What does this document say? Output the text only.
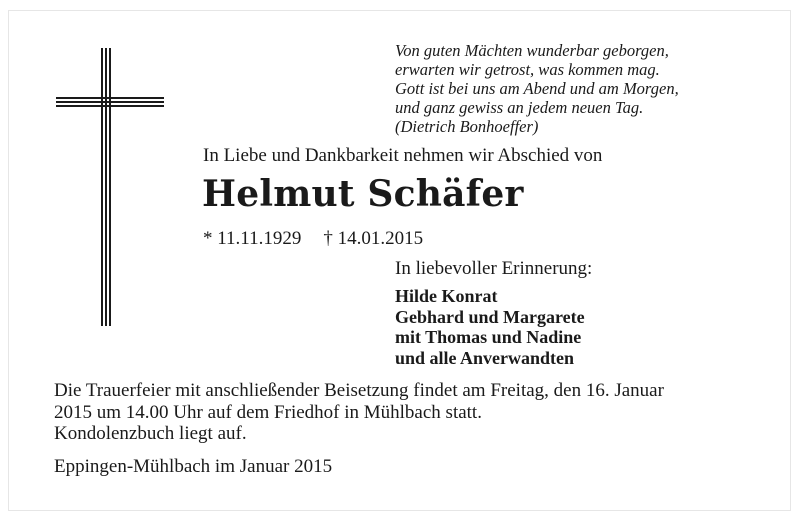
Von guten Mächten wunderbar geborgen,
erwarten wir getrost, was kommen mag.
Gott ist bei uns am Abend und am Morgen,
und ganz gewiss an jedem neuen Tag.
(Dietrich Bonhoeffer)
In Liebe und Dankbarkeit nehmen wir Abschied von
Helmut Schäfer
* 11.11.1929 † 14.01.2015
In liebevoller Erinnerung:
Hilde Konrat
Gebhard und Margarete
mit Thomas und Nadine
und alle Anverwandten
Die Trauerfeier mit anschließender Beisetzung findet am Freitag, den 16. Januar
2015 um 14.00 Uhr auf dem Friedhof in Mühlbach statt.
Kondolenzbuch liegt auf.
Eppingen-Mühlbach im Januar 2015
